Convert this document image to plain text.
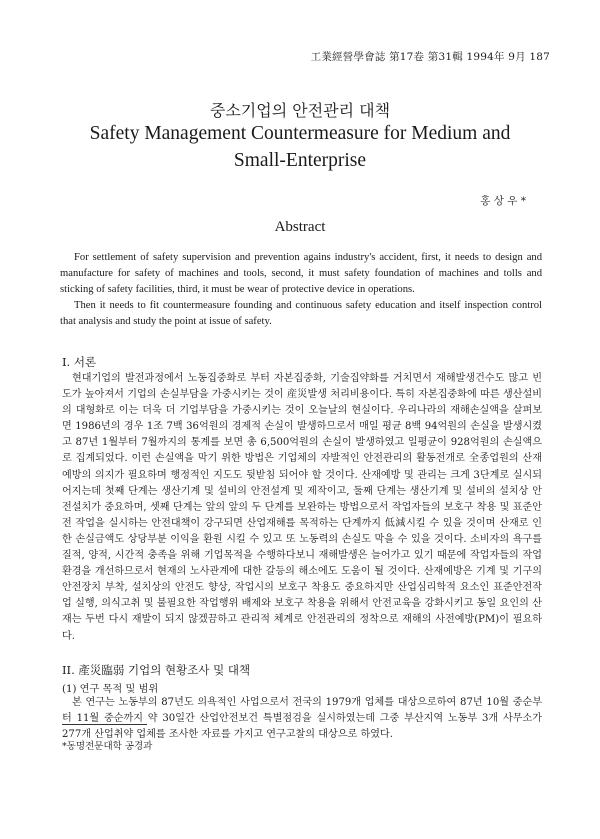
工業經營學會誌 第17卷 第31輯 1994年 9月 187
중소기업의 안전관리 대책
Safety Management Countermeasure for Medium and
Small-Enterprise
홍 상 우 *
Abstract

For settlement of safety supervision and prevention agains industry's accident, first, it needs to design and manufacture for safety of machines and tools, second, it must safety foundation of machines and tolls and sticking of safety facilities, third, it must be wear of protective device in operations.

Then it needs to fit countermeasure founding and continuous safety education and itself inspection control that analysis and study the point at issue of safety.

I. 서론

현대기업의 발전과정에서 노동집중화로 부터 자본집중화, 기술집약화를 거치면서 재해발생건수도 많고 빈도가 높아져서 기업의 손실부담을 가중시키는 것이 産災발생 처리비용이다. 특히 자본집중화에 따른 생산설비의 대형화로 이는 더욱 더 기업부담을 가중시키는 것이 오늘날의 현실이다. 우리나라의 재해손실액을 살펴보면 1986년의 경우 1조 7백 36억원의 경제적 손실이 발생하므로서 매일 평균 8백 94억원의 손실을 발생시켰고 87년 1월부터 7월까지의 통계를 보면 총 6,500억원의 손실이 발생하였고 일평균이 928억원의 손실액으로 집계되었다. 이런 손실액을 막기 위한 방법은 기업체의 자발적인 안전관리의 활동전개로 全종업원의 산재예방의 의지가 필요하며 행정적인 지도도 뒷받침 되어야 할 것이다. 산재예방 및 관리는 크게 3단계로 실시되어지는데 첫째 단계는 생산기계 및 설비의 안전설계 및 제작이고, 둘째 단계는 생산기계 및 설비의 설치상 안전설치가 중요하며, 셋째 단계는 앞의 앞의 두 단계를 보완하는 방법으로서 작업자들의 보호구 착용 및 표준안전 작업을 실시하는 안전대책이 강구되면 산업재해를 목적하는 단계까지 低減시킬 수 있을 것이며 산재로 인한 손실금액도 상당부분 이익을 환원 시킬 수 있고 또 노동력의 손실도 막을 수 있을 것이다. 소비자의 욕구를 질적, 양적, 시간적 충족을 위해 기업목적을 수행하다보니 재해발생은 늘어가고 있기 때문에 작업자들의 작업환경을 개선하므로서 현재의 노사관계에 대한 갈등의 해소에도 도움이 될 것이다. 산재예방은 기계 및 기구의 안전장치 부착, 설치상의 안전도 향상, 작업시의 보호구 착용도 중요하지만 산업심리학적 요소인 표준안전작업 실행, 의식고취 및 불필요한 작업행위 배제와 보호구 착용을 위해서 안전교육을 강화시키고 동일 요인의 산재는 두번 다시 재발이 되지 않겠끔하고 관리적 체계로 안전관리의 정착으로 재해의 사전예방(PM)이 필요하다.

II. 產災臨弱 기업의 현황조사 및 대책
(1) 연구 목적 및 범위

본 연구는 노동부의 87년도 의욕적인 사업으로서 전국의 1979개 업체를 대상으로하여 87년 10월 중순부터 11월 중순까지 약 30일간 산업안전보건 특별점검을 실시하였는데 그중 부산지역 노동부 3개 사무소가 277개 산업취약 업체를 조사한 자료를 가지고 연구고찰의 대상으로 하였다.

*동명전문대학 공경과
